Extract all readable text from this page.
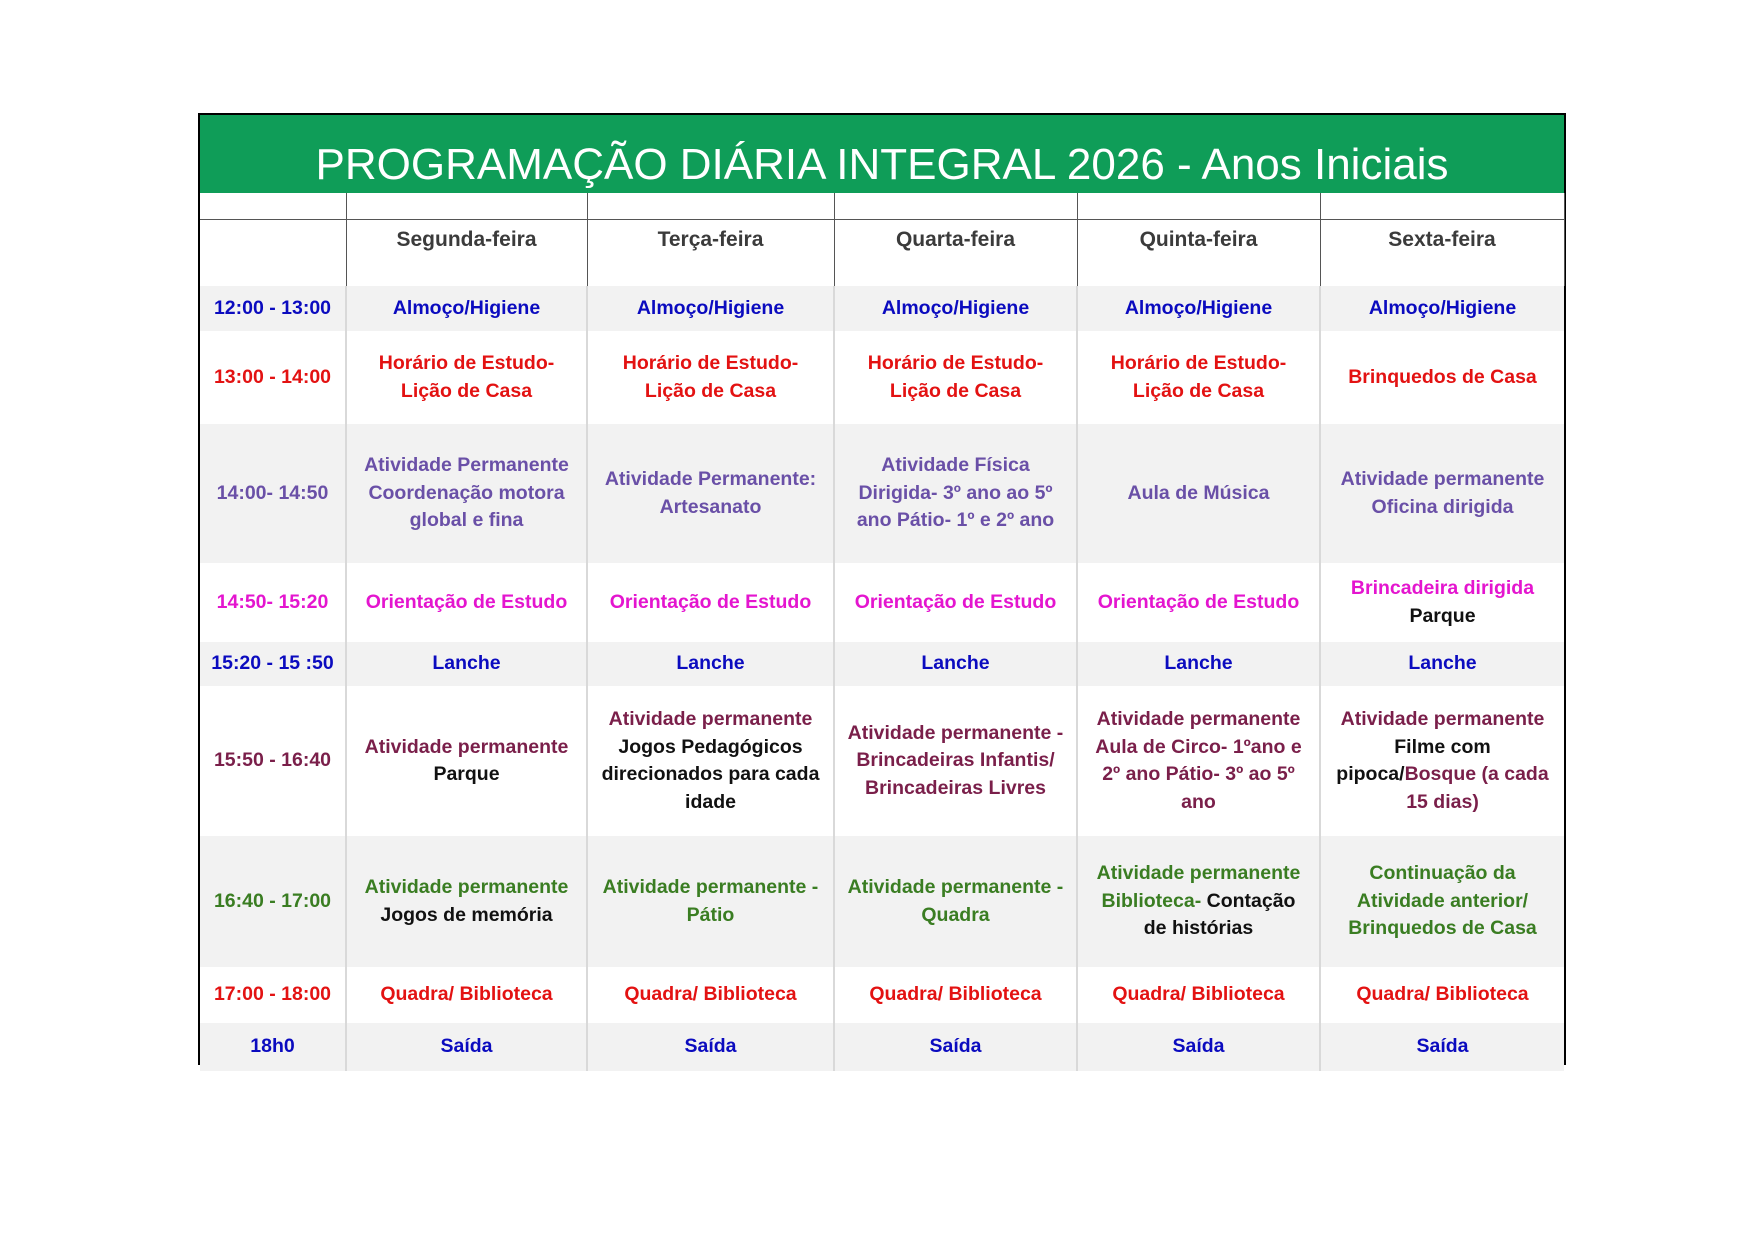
PROGRAMAÇÃO DIÁRIA INTEGRAL 2026 - Anos Iniciais

	Segunda-feira	Terça-feira	Quarta-feira	Quinta-feira	Sexta-feira
12:00 - 13:00	Almoço/Higiene	Almoço/Higiene	Almoço/Higiene	Almoço/Higiene	Almoço/Higiene
13:00 - 14:00	Horário de Estudo-
Lição de Casa	Horário de Estudo-
Lição de Casa	Horário de Estudo-
Lição de Casa	Horário de Estudo-
Lição de Casa	Brinquedos de Casa

14:00- 14:50	Atividade Permanente
Coordenação motora
global e fina	Atividade Permanente:
Artesanato	Atividade Física
Dirigida- 3º ano ao 5º
ano Pátio- 1º e 2º ano	Aula de Música	Atividade permanente
Oficina dirigida

14:50- 15:20	Orientação de Estudo	Orientação de Estudo	Orientação de Estudo	Orientação de Estudo	Brincadeira dirigida
Parque

15:20 - 15 :50	Lanche	Lanche	Lanche	Lanche	Lanche
15:50 - 16:40	Atividade permanente
Parque	Atividade permanente
Jogos Pedagógicos
direcionados para cada
idade	Atividade permanente -
Brincadeiras Infantis/
Brincadeiras Livres	Atividade permanente
Aula de Circo- 1ºano e
2º ano Pátio- 3º ao 5º
ano	Atividade permanente
Filme com
pipoca/Bosque (a cada
15 dias)

16:40 - 17:00	Atividade permanente
Jogos de memória	Atividade permanente -
Pátio	Atividade permanente -
Quadra	Atividade permanente
Biblioteca- Contação
de histórias	Continuação da
Atividade anterior/
Brinquedos de Casa

17:00 - 18:00	Quadra/ Biblioteca	Quadra/ Biblioteca	Quadra/ Biblioteca	Quadra/ Biblioteca	Quadra/ Biblioteca
18h0	Saída	Saída	Saída	Saída	Saída
